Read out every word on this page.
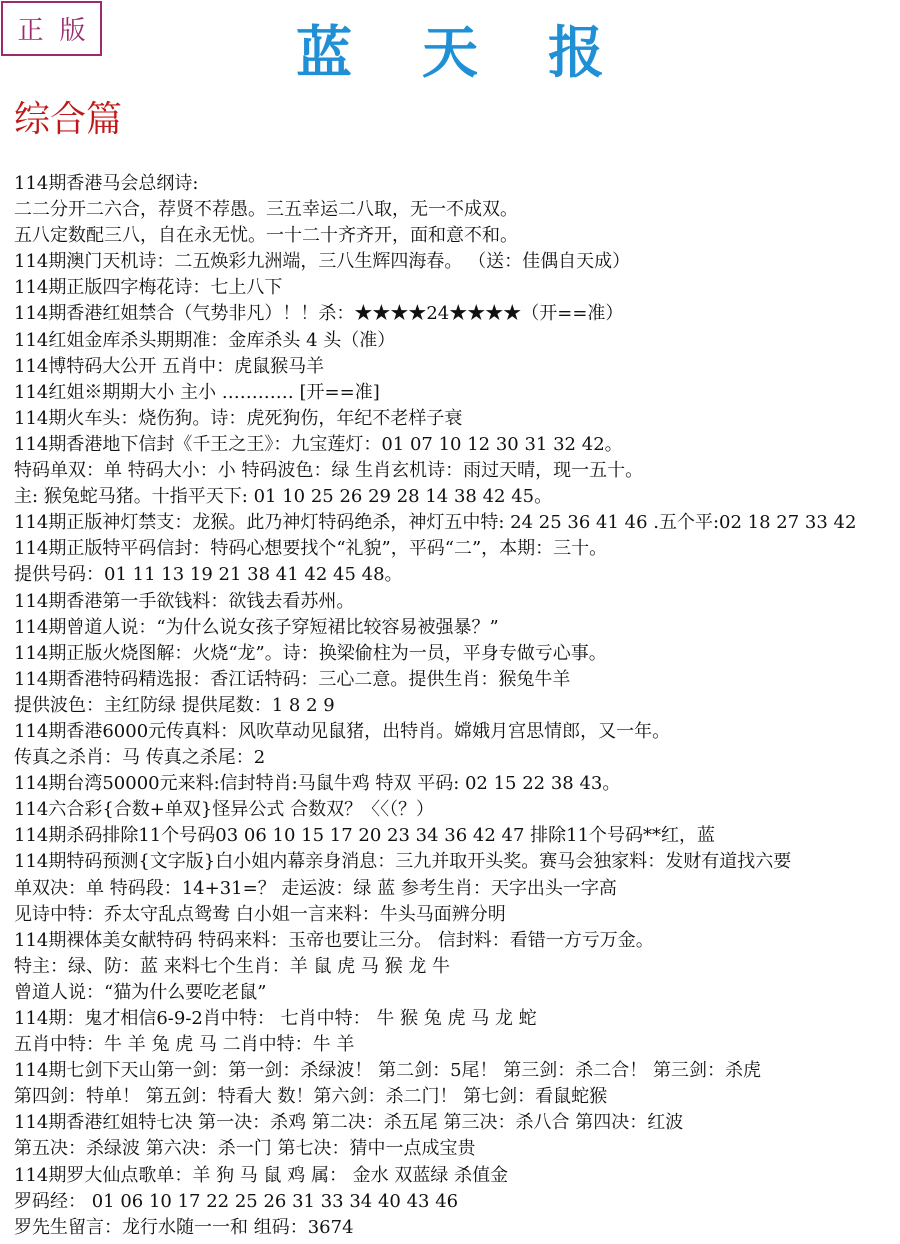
正版	蓝天报
综合篇
114期香港马会总纲诗:
二二分开二六合，荐贤不荐愚。三五幸运二八取，无一不成双。
五八定数配三八，自在永无忧。一十二十齐齐开，面和意不和。
114期澳门天机诗：二五焕彩九洲端，三八生辉四海春。 （送：佳偶自天成）
114期正版四字梅花诗：七上八下
114期香港红姐禁合（气势非凡）！！杀：★★★★24★★★★（开==准）
114红姐金库杀头期期准：金库杀头 4 头（准）
114博特码大公开 五肖中：虎鼠猴马羊
114红姐※期期大小 主小 ………… [开==准]
114期火车头：烧伤狗。诗：虎死狗伤，年纪不老样子衰
114期香港地下信封《千王之王》：九宝莲灯：01 07 10 12 30 31 32 42。
特码单双：单 特码大小：小 特码波色：绿 生肖玄机诗：雨过天晴，现一五十。
主: 猴兔蛇马猪。十指平天下: 01 10 25 26 29 28 14 38 42 45。
114期正版神灯禁支：龙猴。此乃神灯特码绝杀，神灯五中特: 24 25 36 41 46 .五个平:02 18 27 33 42
114期正版特平码信封：特码心想要找个“礼貌”，平码“二”，本期：三十。
提供号码：01 11 13 19 21 38 41 42 45 48。
114期香港第一手欲钱料：欲钱去看苏州。
114期曾道人说：“为什么说女孩子穿短裙比较容易被强暴？”
114期正版火烧图解：火烧“龙”。诗：换梁偷柱为一员，平身专做亏心事。
114期香港特码精选报：香江话特码：三心二意。提供生肖：猴兔牛羊
提供波色：主红防绿 提供尾数：1 8 2 9
114期香港6000元传真料：风吹草动见鼠猪，出特肖。嫦娥月宫思情郎，又一年。
传真之杀肖：马 传真之杀尾：2
114期台湾50000元来料:信封特肖:马鼠牛鸡 特双 平码: 02 15 22 38 43。
114六合彩{合数+单双}怪异公式 合数双？〈〈（？）
114期杀码排除11个号码03 06 10 15 17 20 23 34 36 42 47 排除11个号码**红，蓝
114期特码预测{文字版}白小姐内幕亲身消息：三九并取开头奖。赛马会独家料：发财有道找六要
单双决：单 特码段：14+31=？ 走运波：绿 蓝 参考生肖：天字出头一字高
见诗中特：乔太守乱点鸳鸯 白小姐一言来料：牛头马面辨分明
114期裸体美女献特码 特码来料：玉帝也要让三分。 信封料：看错一方亏万金。
特主：绿、防：蓝 来料七个生肖：羊 鼠 虎 马 猴 龙 牛
曾道人说：“猫为什么要吃老鼠”
114期：鬼才相信6-9-2肖中特： 七肖中特： 牛 猴 兔 虎 马 龙 蛇
五肖中特：牛 羊 兔 虎 马 二肖中特：牛 羊
114期七剑下天山第一剑：第一剑：杀绿波！ 第二剑：5尾！ 第三剑：杀二合！ 第三剑：杀虎
第四剑：特单！ 第五剑：特看大 数！第六剑：杀二门！ 第七剑：看鼠蛇猴
114期香港红姐特七决 第一决：杀鸡 第二决：杀五尾 第三决：杀八合 第四决：红波
第五决：杀绿波 第六决：杀一门 第七决：猜中一点成宝贵
114期罗大仙点歌单：羊 狗 马 鼠 鸡 属： 金水 双蓝绿 杀值金
罗码经： 01 06 10 17 22 25 26 31 33 34 40 43 46
罗先生留言：龙行水随一一和 组码：3674
